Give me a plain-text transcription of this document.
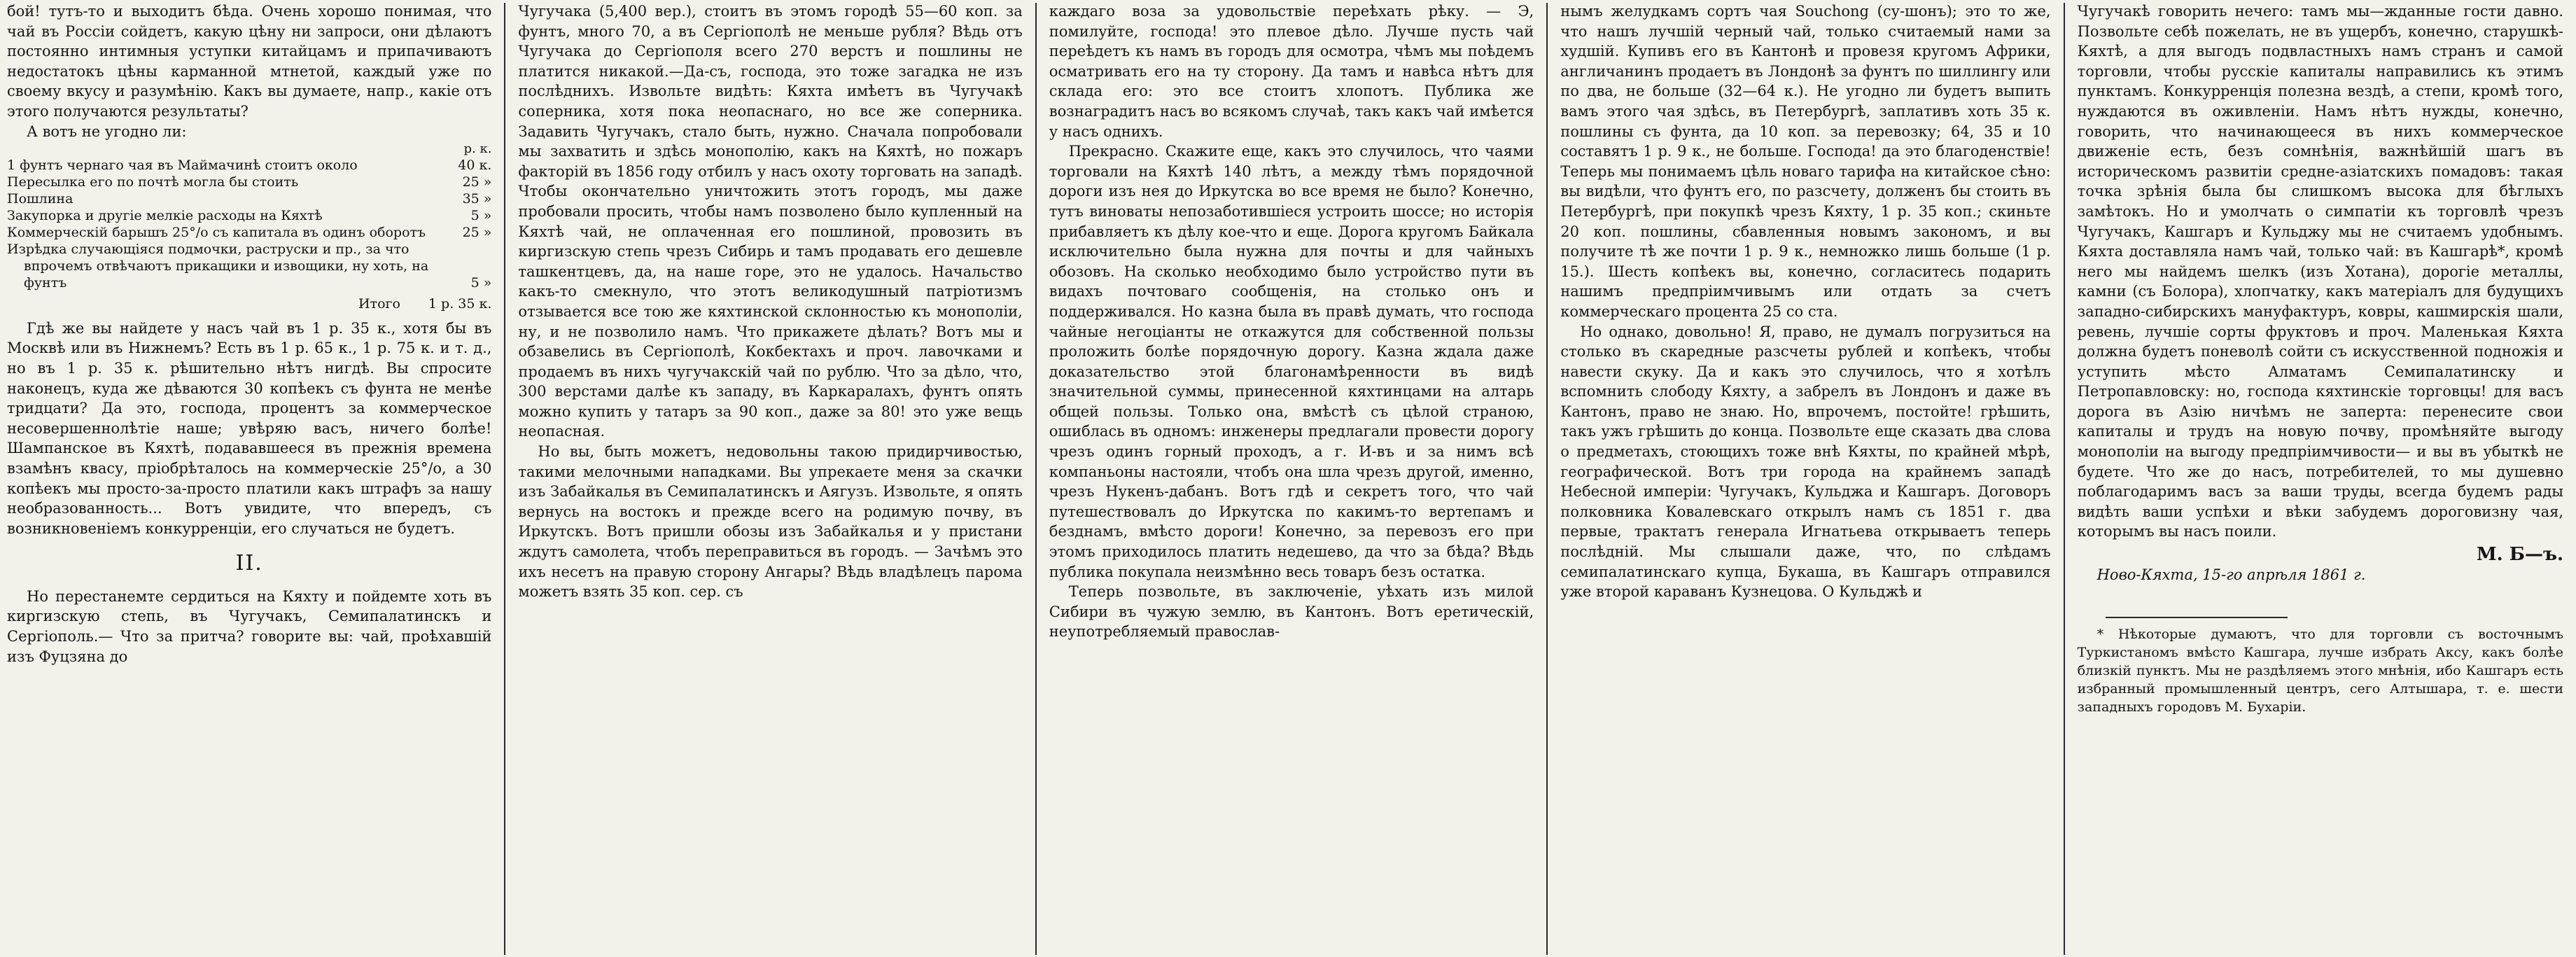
бой! тутъ-то и выходитъ бѣда. Очень хорошо понимая, что чай въ Россіи сойдетъ, какую цѣну ни запроси, они дѣлаютъ постоянно интимныя уступки китайцамъ и припачиваютъ недостатокъ цѣны карманной мтнетой, каждый уже по своему вкусу и разумѣнію. Какъ вы думаете, напр., какіе отъ этого получаются результаты?

А вотъ не угодно ли:

р. к.
1 фунтъ чернаго чая въ Маймачинѣ стоитъ около	40 к.
Пересылка его по почтѣ могла бы стоить	25 »
Пошлина	35 »
Закупорка и другіе мелкіе расходы на Кяхтѣ	5 »
Коммерческій барышъ 25°/о съ капитала въ одинъ оборотъ	25 »
Изрѣдка случающіяся подмочки, раструски и пр., за что впрочемъ отвѣчаютъ прикащики и извощики, ну хоть, на фунтъ	5 »
Итого 1 р. 35 к.

Гдѣ же вы найдете у насъ чай въ 1 р. 35 к., хотя бы въ Москвѣ или въ Нижнемъ? Есть въ 1 р. 65 к., 1 р. 75 к. и т. д., но въ 1 р. 35 к. рѣшительно нѣтъ нигдѣ. Вы спросите наконецъ, куда же дѣваются 30 копѣекъ съ фунта не менѣе тридцати? Да это, господа, процентъ за коммерческое несовершеннолѣтіе наше; увѣряю васъ, ничего болѣе! Шампанское въ Кяхтѣ, подававшееся въ прежнія времена взамѣнъ квасу, пріобрѣталось на коммерческіе 25°/о, а 30 копѣекъ мы просто-за-просто платили какъ штрафъ за нашу необразованность... Вотъ увидите, что впередъ, съ возникновеніемъ конкурренціи, его случаться не будетъ.

II.

Но перестанемте сердиться на Кяхту и пойдемте хоть въ киргизскую степь, въ Чугучакъ, Семипалатинскъ и Сергіополь.— Что за притча? говорите вы: чай, проѣхавшій изъ Фуцзяна до

Чугучака (5,400 вер.), стоитъ въ этомъ городѣ 55—60 коп. за фунтъ, много 70, а въ Сергіополѣ не меньше рубля? Вѣдь отъ Чугучака до Сергіополя всего 270 верстъ и пошлины не платится никакой.—Да-съ, господа, это тоже загадка не изъ послѣднихъ. Извольте видѣть: Кяхта имѣетъ въ Чугучакѣ соперника, хотя пока неопаснаго, но все же соперника. Задавить Чугучакъ, стало быть, нужно. Сначала попробовали мы захватить и здѣсь монополію, какъ на Кяхтѣ, но пожаръ факторій въ 1856 году отбилъ у насъ охоту торговать на западѣ. Чтобы окончательно уничтожить этотъ городъ, мы даже пробовали просить, чтобы намъ позволено было купленный на Кяхтѣ чай, не оплаченная его пошлиной, провозить въ киргизскую степь чрезъ Сибирь и тамъ продавать его дешевле ташкентцевъ, да, на наше горе, это не удалось. Начальство какъ-то смекнуло, что этотъ великодушный патріотизмъ отзывается все тою же кяхтинской склонностью къ монополіи, ну, и не позволило намъ. Что прикажете дѣлать? Вотъ мы и обзавелись въ Сергіополѣ, Кокбектахъ и проч. лавочками и продаемъ въ нихъ чугучакскій чай по рублю. Что за дѣло, что, 300 верстами далѣе къ западу, въ Каркаралахъ, фунтъ опять можно купить у татаръ за 90 коп., даже за 80! это уже вещь неопасная.

Но вы, быть можетъ, недовольны такою придирчивостью, такими мелочными нападками. Вы упрекаете меня за скачки изъ Забайкалья въ Семипалатинскъ и Аягузъ. Извольте, я опять вернусь на востокъ и прежде всего на родимую почву, въ Иркутскъ. Вотъ пришли обозы изъ Забайкалья и у пристани ждутъ самолета, чтобъ переправиться въ городъ. — Зачѣмъ это ихъ несетъ на правую сторону Ангары? Вѣдь владѣлецъ парома можетъ взять 35 коп. сер. съ

каждаго воза за удовольствіе переѣхать рѣку. — Э, помилуйте, господа! это плевое дѣло. Лучше пусть чай переѣдетъ къ намъ въ городъ для осмотра, чѣмъ мы поѣдемъ осматривать его на ту сторону. Да тамъ и навѣса нѣтъ для склада его: это все стоитъ хлопотъ. Публика же вознаградитъ насъ во всякомъ случаѣ, такъ какъ чай имѣется у насъ однихъ.

Прекрасно. Скажите еще, какъ это случилось, что чаями торговали на Кяхтѣ 140 лѣтъ, а между тѣмъ порядочной дороги изъ нея до Иркутска во все время не было? Конечно, тутъ виноваты непозаботившіеся устроить шоссе; но исторія прибавляетъ къ дѣлу кое-что и еще. Дорога кругомъ Байкала исключительно была нужна для почты и для чайныхъ обозовъ. На сколько необходимо было устройство пути въ видахъ почтоваго сообщенія, на столько онъ и поддерживался. Но казна была въ правѣ думать, что господа чайные негоціанты не откажутся для собственной пользы проложить болѣе порядочную дорогу. Казна ждала даже доказательство этой благонамѣренности въ видѣ значительной суммы, принесенной кяхтинцами на алтарь общей пользы. Только она, вмѣстѣ съ цѣлой страною, ошиблась въ одномъ: инженеры предлагали провести дорогу чрезъ одинъ горный проходъ, а г. И-въ и за нимъ всѣ компаньоны настояли, чтобъ она шла чрезъ другой, именно, чрезъ Нукенъ-дабанъ. Вотъ гдѣ и секретъ того, что чай путешествовалъ до Иркутска по какимъ-то вертепамъ и безднамъ, вмѣсто дороги! Конечно, за перевозъ его при этомъ приходилось платить недешево, да что за бѣда? Вѣдь публика покупала неизмѣнно весь товаръ безъ остатка.

Теперь позвольте, въ заключеніе, уѣхать изъ милой Сибири въ чужую землю, въ Кантонъ. Вотъ еретическій, неупотребляемый православ-

нымъ желудкамъ сортъ чая Souchong (су-шонъ); это то же, что нашъ лучшій черный чай, только считаемый нами за худшій. Купивъ его въ Кантонѣ и провезя кругомъ Африки, англичанинъ продаетъ въ Лондонѣ за фунтъ по шиллингу или по два, не больше (32—64 к.). Не угодно ли будетъ выпить вамъ этого чая здѣсь, въ Петербургѣ, заплативъ хоть 35 к. пошлины съ фунта, да 10 коп. за перевозку; 64, 35 и 10 составятъ 1 р. 9 к., не больше. Господа! да это благоденствіе! Теперь мы понимаемъ цѣль новаго тарифа на китайское сѣно: вы видѣли, что фунтъ его, по разсчету, долженъ бы стоить въ Петербургѣ, при покупкѣ чрезъ Кяхту, 1 р. 35 коп.; скиньте 20 коп. пошлины, сбавленныя новымъ закономъ, и вы получите тѣ же почти 1 р. 9 к., немножко лишь больше (1 р. 15.). Шесть копѣекъ вы, конечно, согласитесь подарить нашимъ предпріимчивымъ или отдать за счетъ коммерческаго процента 25 со ста.

Но однако, довольно! Я, право, не думалъ погрузиться на столько въ скаредные разсчеты рублей и копѣекъ, чтобы навести скуку. Да и какъ это случилось, что я хотѣлъ вспомнить слободу Кяхту, а забрелъ въ Лондонъ и даже въ Кантонъ, право не знаю. Но, впрочемъ, постойте! грѣшить, такъ ужъ грѣшить до конца. Позвольте еще сказать два слова о предметахъ, стоющихъ тоже внѣ Кяхты, по крайней мѣрѣ, географической. Вотъ три города на крайнемъ западѣ Небесной имперіи: Чугучакъ, Кульджа и Кашгаръ. Договоръ полковника Ковалевскаго открылъ намъ съ 1851 г. два первые, трактатъ генерала Игнатьева открываетъ теперь послѣдній. Мы слышали даже, что, по слѣдамъ семипалатинскаго купца, Букаша, въ Кашгаръ отправился уже второй караванъ Кузнецова. О Кульджѣ и

Чугучакѣ говорить нечего: тамъ мы—жданные гости давно. Позвольте себѣ пожелать, не въ ущербъ, конечно, старушкѣ-Кяхтѣ, а для выгодъ подвластныхъ намъ странъ и самой торговли, чтобы русскіе капиталы направились къ этимъ пунктамъ. Конкурренція полезна вездѣ, а степи, кромѣ того, нуждаются въ оживленіи. Намъ нѣтъ нужды, конечно, говорить, что начинающееся въ нихъ коммерческое движеніе есть, безъ сомнѣнія, важнѣйшій шагъ въ историческомъ развитіи средне-азіатскихъ помадовъ: такая точка зрѣнія была бы слишкомъ высока для бѣглыхъ замѣтокъ. Но и умолчать о симпатіи къ торговлѣ чрезъ Чугучакъ, Кашгаръ и Кульджу мы не считаемъ удобнымъ. Кяхта доставляла намъ чай, только чай: въ Кашгарѣ*, кромѣ него мы найдемъ шелкъ (изъ Хотана), дорогіе металлы, камни (съ Болора), хлопчатку, какъ матеріалъ для будущихъ западно-сибирскихъ мануфактуръ, ковры, кашмирскія шали, ревень, лучшіе сорты фруктовъ и проч. Маленькая Кяхта должна будетъ поневолѣ сойти съ искусственной подножія и уступить мѣсто Алматамъ Семипалатинску и Петропавловску: но, господа кяхтинскіе торговцы! для васъ дорога въ Азію ничѣмъ не заперта: перенесите свои капиталы и трудъ на новую почву, промѣняйте выгоду монополіи на выгоду предпріимчивости— и вы въ убыткѣ не будете. Что же до насъ, потребителей, то мы душевно поблагодаримъ васъ за ваши труды, всегда будемъ рады видѣть ваши успѣхи и вѣки забудемъ дороговизну чая, которымъ вы насъ поили.

М. Б—ъ.

Ново-Кяхта, 15-го апрѣля 1861 г.

* Нѣкоторые думаютъ, что для торговли съ восточнымъ Туркистаномъ вмѣсто Кашгара, лучше избрать Аксу, какъ болѣе близкій пунктъ. Мы не раздѣляемъ этого мнѣнія, ибо Кашгаръ есть избранный промышленный центръ, сего Алтышара, т. е. шести западныхъ городовъ М. Бухаріи.
